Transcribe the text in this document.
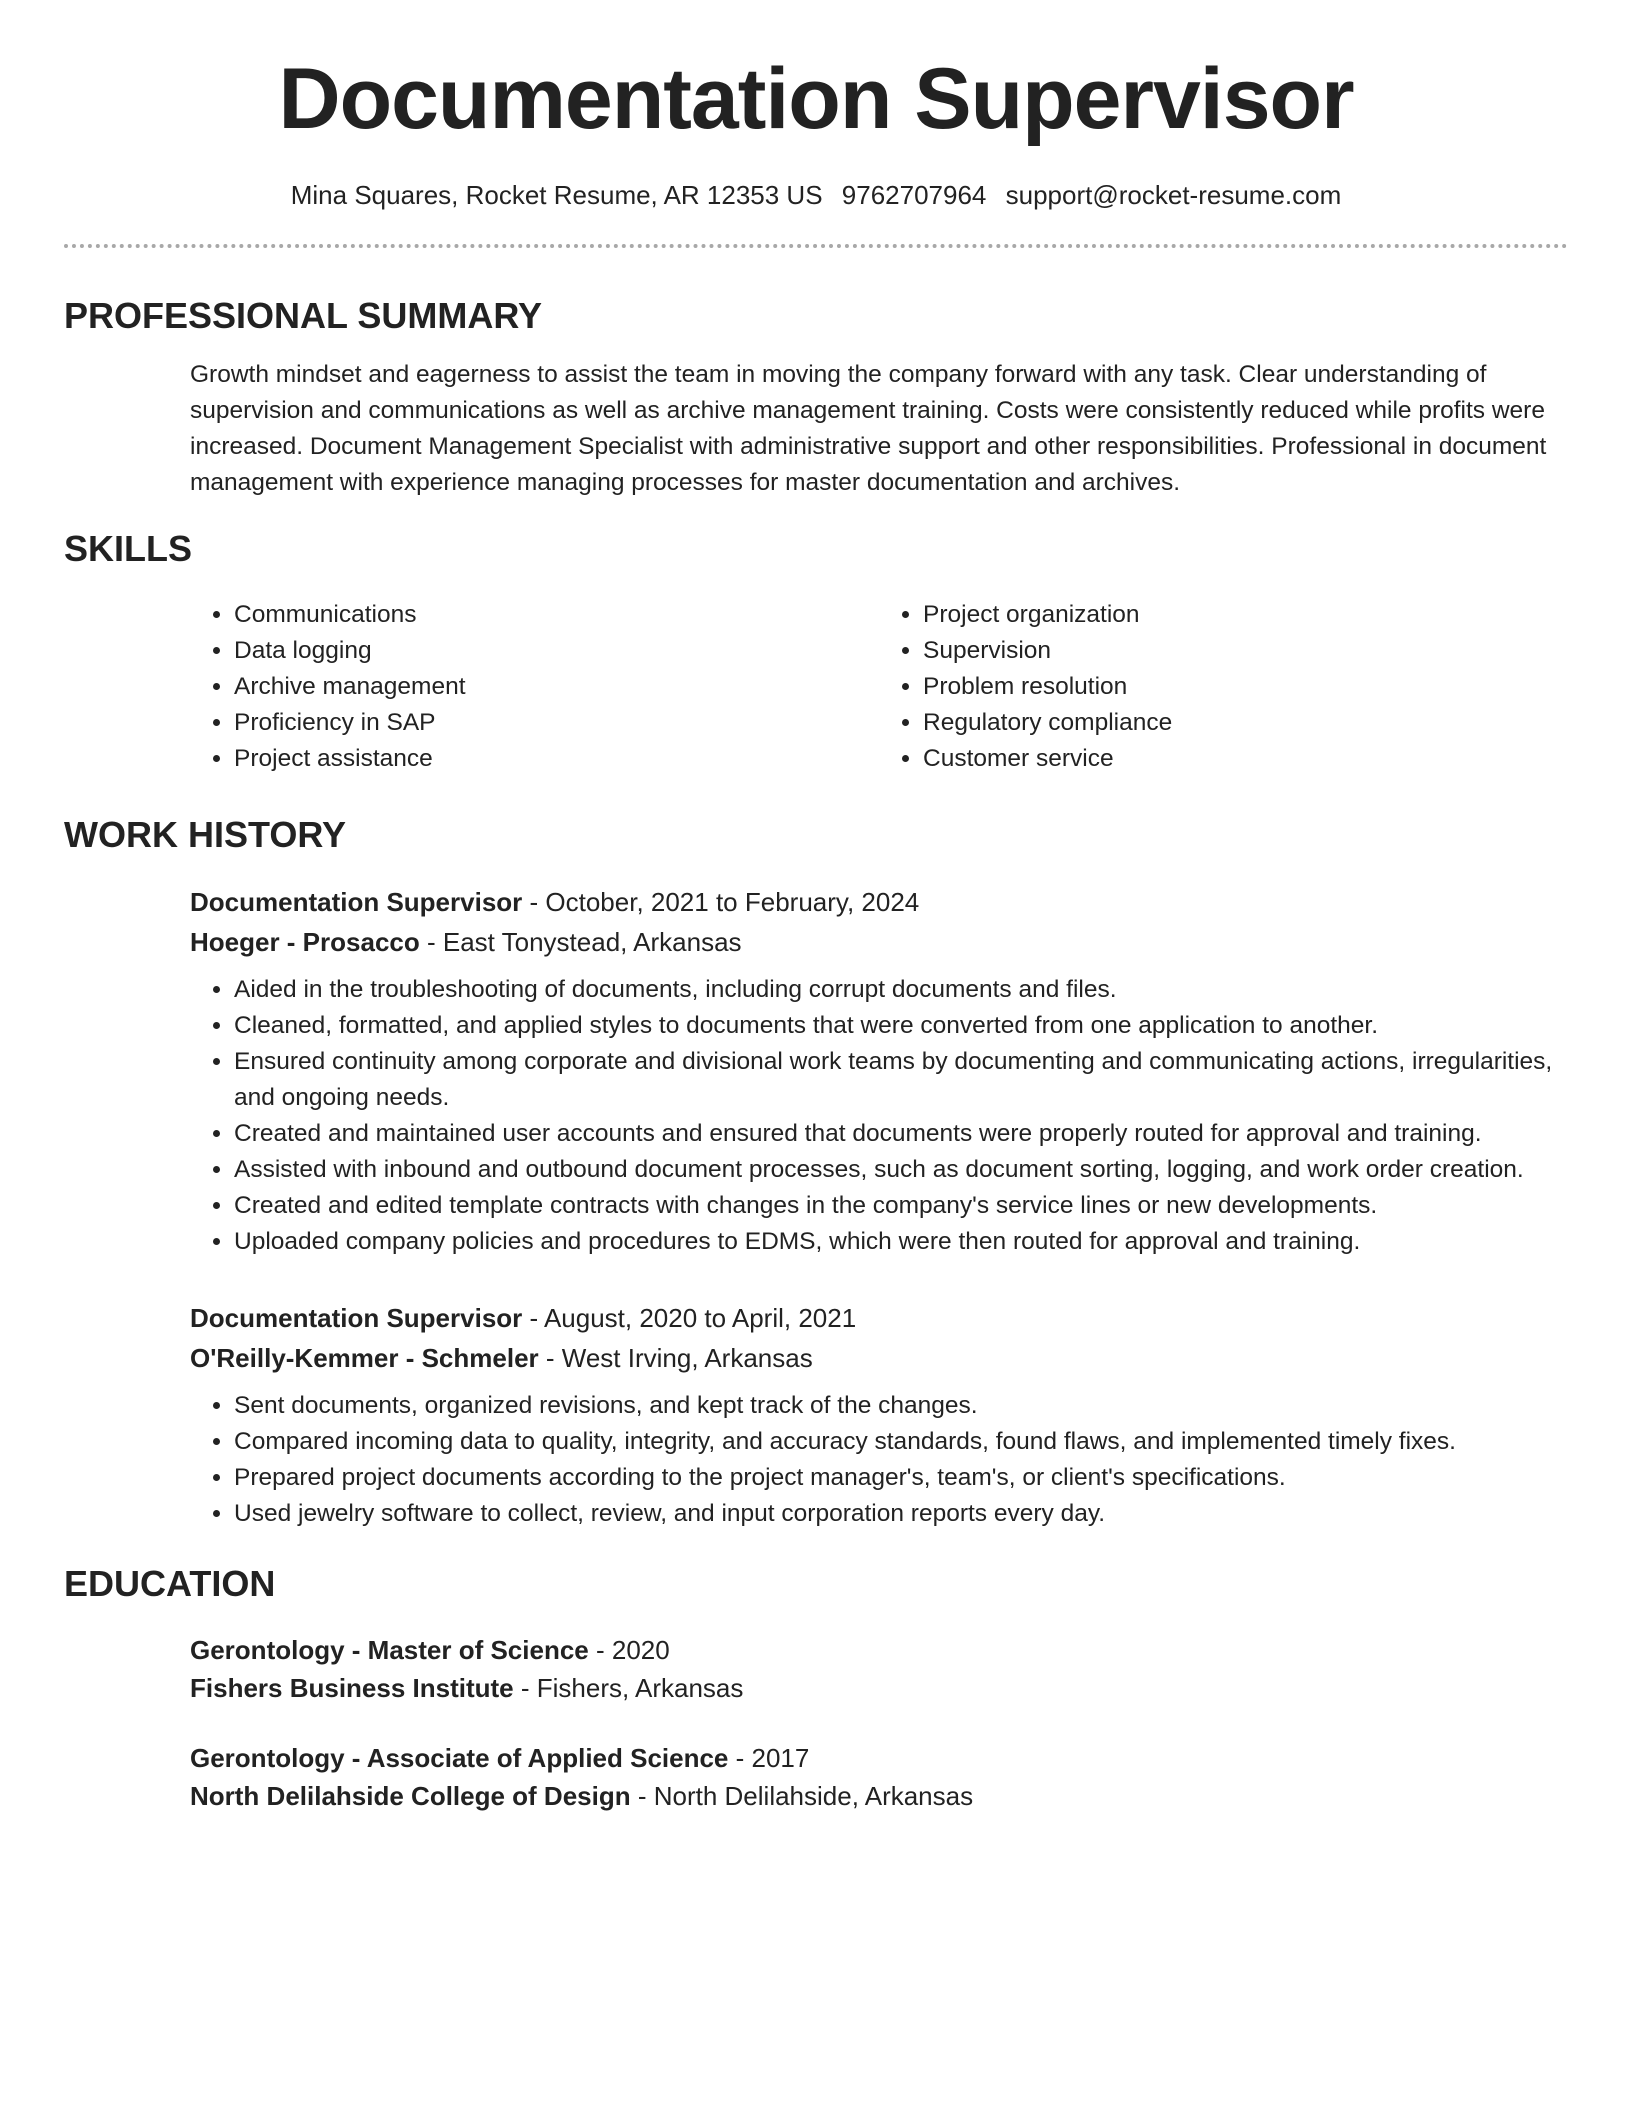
Documentation Supervisor
Mina Squares, Rocket Resume, AR 12353 US 9762707964 support@rocket-resume.com
PROFESSIONAL SUMMARY

Growth mindset and eagerness to assist the team in moving the company forward with any task. Clear understanding of supervision and communications as well as archive management training. Costs were consistently reduced while profits were increased. Document Management Specialist with administrative support and other responsibilities. Professional in document management with experience managing processes for master documentation and archives.

SKILLS
• Communications
• Data logging
• Archive management
• Proficiency in SAP
• Project assistance
• Project organization
• Supervision
• Problem resolution
• Regulatory compliance
• Customer service
WORK HISTORY
Documentation Supervisor - October, 2021 to February, 2024
Hoeger - Prosacco - East Tonystead, Arkansas
• Aided in the troubleshooting of documents, including corrupt documents and files.
• Cleaned, formatted, and applied styles to documents that were converted from one application to another.
• Ensured continuity among corporate and divisional work teams by documenting and communicating actions, irregularities, and ongoing needs.
• Created and maintained user accounts and ensured that documents were properly routed for approval and training.
• Assisted with inbound and outbound document processes, such as document sorting, logging, and work order creation.
• Created and edited template contracts with changes in the company's service lines or new developments.
• Uploaded company policies and procedures to EDMS, which were then routed for approval and training.
Documentation Supervisor - August, 2020 to April, 2021
O'Reilly-Kemmer - Schmeler - West Irving, Arkansas
• Sent documents, organized revisions, and kept track of the changes.
• Compared incoming data to quality, integrity, and accuracy standards, found flaws, and implemented timely fixes.
• Prepared project documents according to the project manager's, team's, or client's specifications.
• Used jewelry software to collect, review, and input corporation reports every day.
EDUCATION
Gerontology - Master of Science - 2020
Fishers Business Institute - Fishers, Arkansas
Gerontology - Associate of Applied Science - 2017
North Delilahside College of Design - North Delilahside, Arkansas
